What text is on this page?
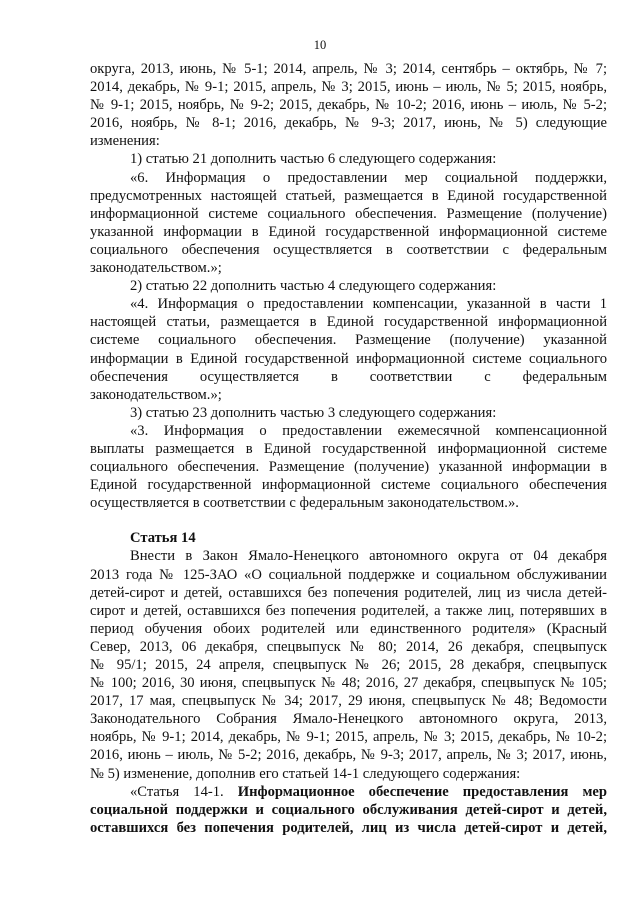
10
округа, 2013, июнь, № 5-1; 2014, апрель, № 3; 2014, сентябрь – октябрь, № 7;
2014, декабрь, № 9-1; 2015, апрель, № 3; 2015, июнь – июль, № 5; 2015, ноябрь,
№ 9-1; 2015, ноябрь, № 9-2; 2015, декабрь, № 10-2; 2016, июнь – июль, № 5-2;
2016, ноябрь, № 8-1; 2016, декабрь, № 9-3; 2017, июнь, № 5) следующие
изменения:
1) статью 21 дополнить частью 6 следующего содержания:
«6. Информация о предоставлении мер социальной поддержки,
предусмотренных настоящей статьей, размещается в Единой государственной
информационной системе социального обеспечения. Размещение (получение)
указанной информации в Единой государственной информационной системе
социального обеспечения осуществляется в соответствии с федеральным
законодательством.»;
2) статью 22 дополнить частью 4 следующего содержания:
«4. Информация о предоставлении компенсации, указанной в части 1
настоящей статьи, размещается в Единой государственной информационной
системе социального обеспечения. Размещение (получение) указанной
информации в Единой государственной информационной системе социального
обеспечения осуществляется в соответствии с федеральным
законодательством.»;
3) статью 23 дополнить частью 3 следующего содержания:
«3. Информация о предоставлении ежемесячной компенсационной
выплаты размещается в Единой государственной информационной системе
социального обеспечения. Размещение (получение) указанной информации в
Единой государственной информационной системе социального обеспечения
осуществляется в соответствии с федеральным законодательством.».
Статья 14
Внести в Закон Ямало-Ненецкого автономного округа от 04 декабря
2013 года № 125-ЗАО «О социальной поддержке и социальном обслуживании
детей-сирот и детей, оставшихся без попечения родителей, лиц из числа детей-
сирот и детей, оставшихся без попечения родителей, а также лиц, потерявших в
период обучения обоих родителей или единственного родителя» (Красный
Север, 2013, 06 декабря, спецвыпуск № 80; 2014, 26 декабря, спецвыпуск
№ 95/1; 2015, 24 апреля, спецвыпуск № 26; 2015, 28 декабря, спецвыпуск
№ 100; 2016, 30 июня, спецвыпуск № 48; 2016, 27 декабря, спецвыпуск № 105;
2017, 17 мая, спецвыпуск № 34; 2017, 29 июня, спецвыпуск № 48; Ведомости
Законодательного Собрания Ямало-Ненецкого автономного округа, 2013,
ноябрь, № 9-1; 2014, декабрь, № 9-1; 2015, апрель, № 3; 2015, декабрь, № 10-2;
2016, июнь – июль, № 5-2; 2016, декабрь, № 9-3; 2017, апрель, № 3; 2017, июнь,
№ 5) изменение, дополнив его статьей 14-1 следующего содержания:
«Статья 14-1. Информационное обеспечение предоставления мер
социальной поддержки и социального обслуживания детей-сирот и детей,
оставшихся без попечения родителей, лиц из числа детей-сирот и детей,
